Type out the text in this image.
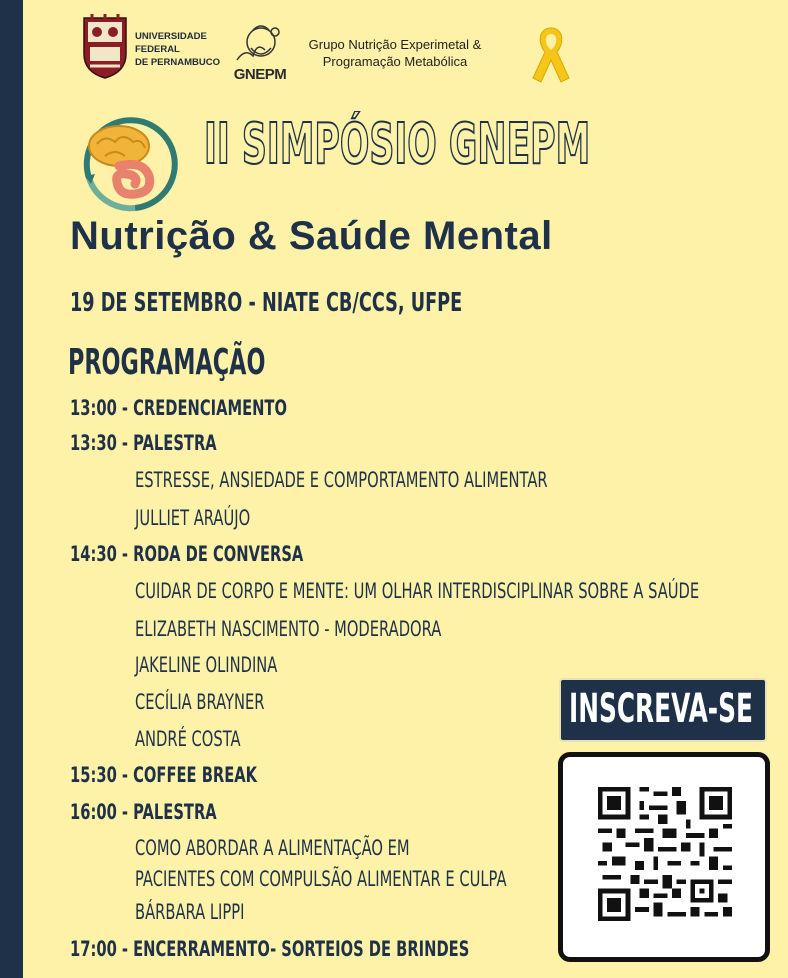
UNIVERSIDADE
FEDERAL
DE PERNAMBUCO
GNEPM
Grupo Nutrição Experimetal &
Programação Metabólica
II SIMPÓSIO GNEPM
Nutrição & Saúde Mental
19 DE SETEMBRO - NIATE CB/CCS, UFPE
PROGRAMAÇÃO
13:00 - CREDENCIAMENTO
13:30 - PALESTRA
ESTRESSE, ANSIEDADE E COMPORTAMENTO ALIMENTAR
JULLIET ARAÚJO
14:30 - RODA DE CONVERSA
CUIDAR DE CORPO E MENTE: UM OLHAR INTERDISCIPLINAR SOBRE A SAÚDE
ELIZABETH NASCIMENTO - MODERADORA
JAKELINE OLINDINA
CECÍLIA BRAYNER
ANDRÉ COSTA
15:30 - COFFEE BREAK
16:00 - PALESTRA
COMO ABORDAR A ALIMENTAÇÃO EM
PACIENTES COM COMPULSÃO ALIMENTAR E CULPA
BÁRBARA LIPPI
17:00 - ENCERRAMENTO- SORTEIOS DE BRINDES
INSCREVA-SE
